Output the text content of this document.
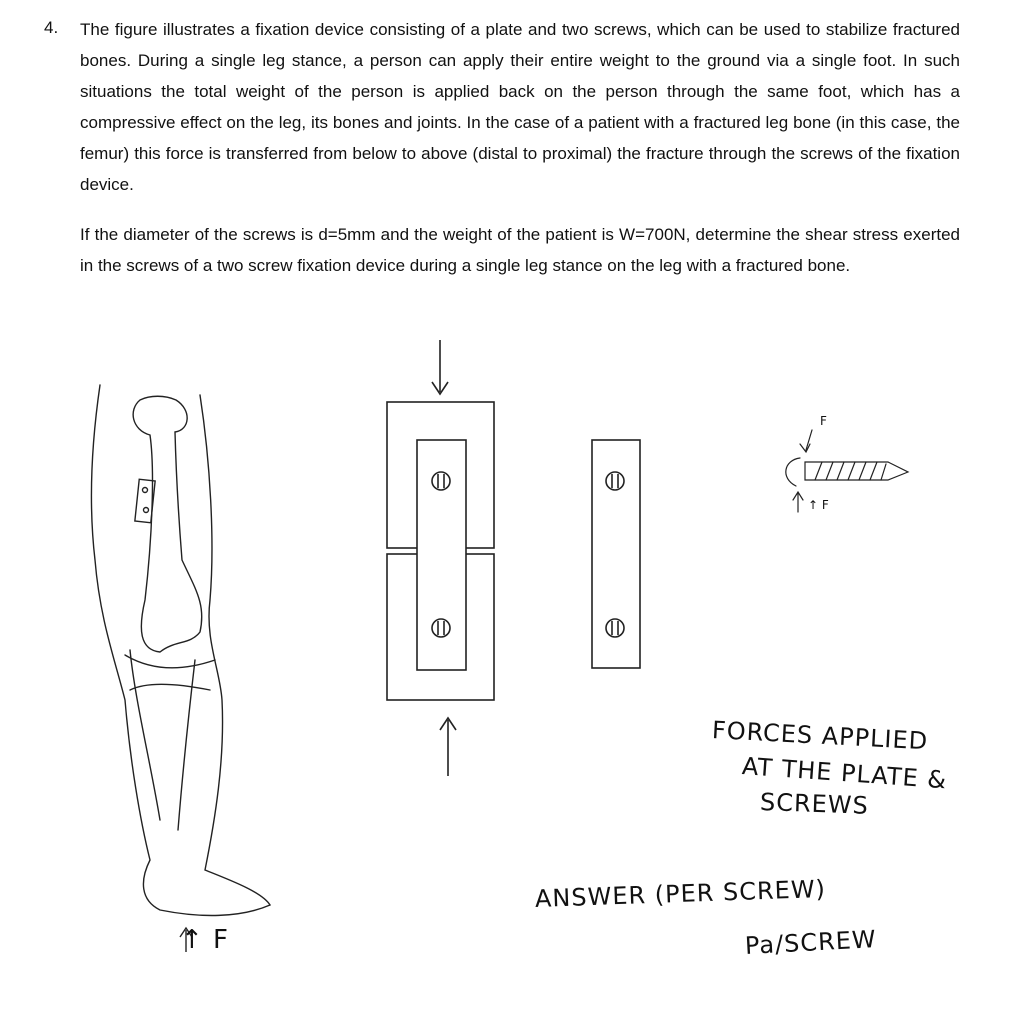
4. The figure illustrates a fixation device consisting of a plate and two screws, which can be used to stabilize fractured bones. During a single leg stance, a person can apply their entire weight to the ground via a single foot. In such situations the total weight of the person is applied back on the person through the same foot, which has a compressive effect on the leg, its bones and joints. In the case of a patient with a fractured leg bone (in this case, the femur) this force is transferred from below to above (distal to proximal) the fracture through the screws of the fixation device.

If the diameter of the screws is d=5mm and the weight of the patient is W=700N, determine the shear stress exerted in the screws of a two screw fixation device during a single leg stance on the leg with a fractured bone.

↑ F
F
↑ F
FORCES APPLIED
AT THE PLATE &
SCREWS
ANSWER (PER SCREW)
Pa/SCREW
